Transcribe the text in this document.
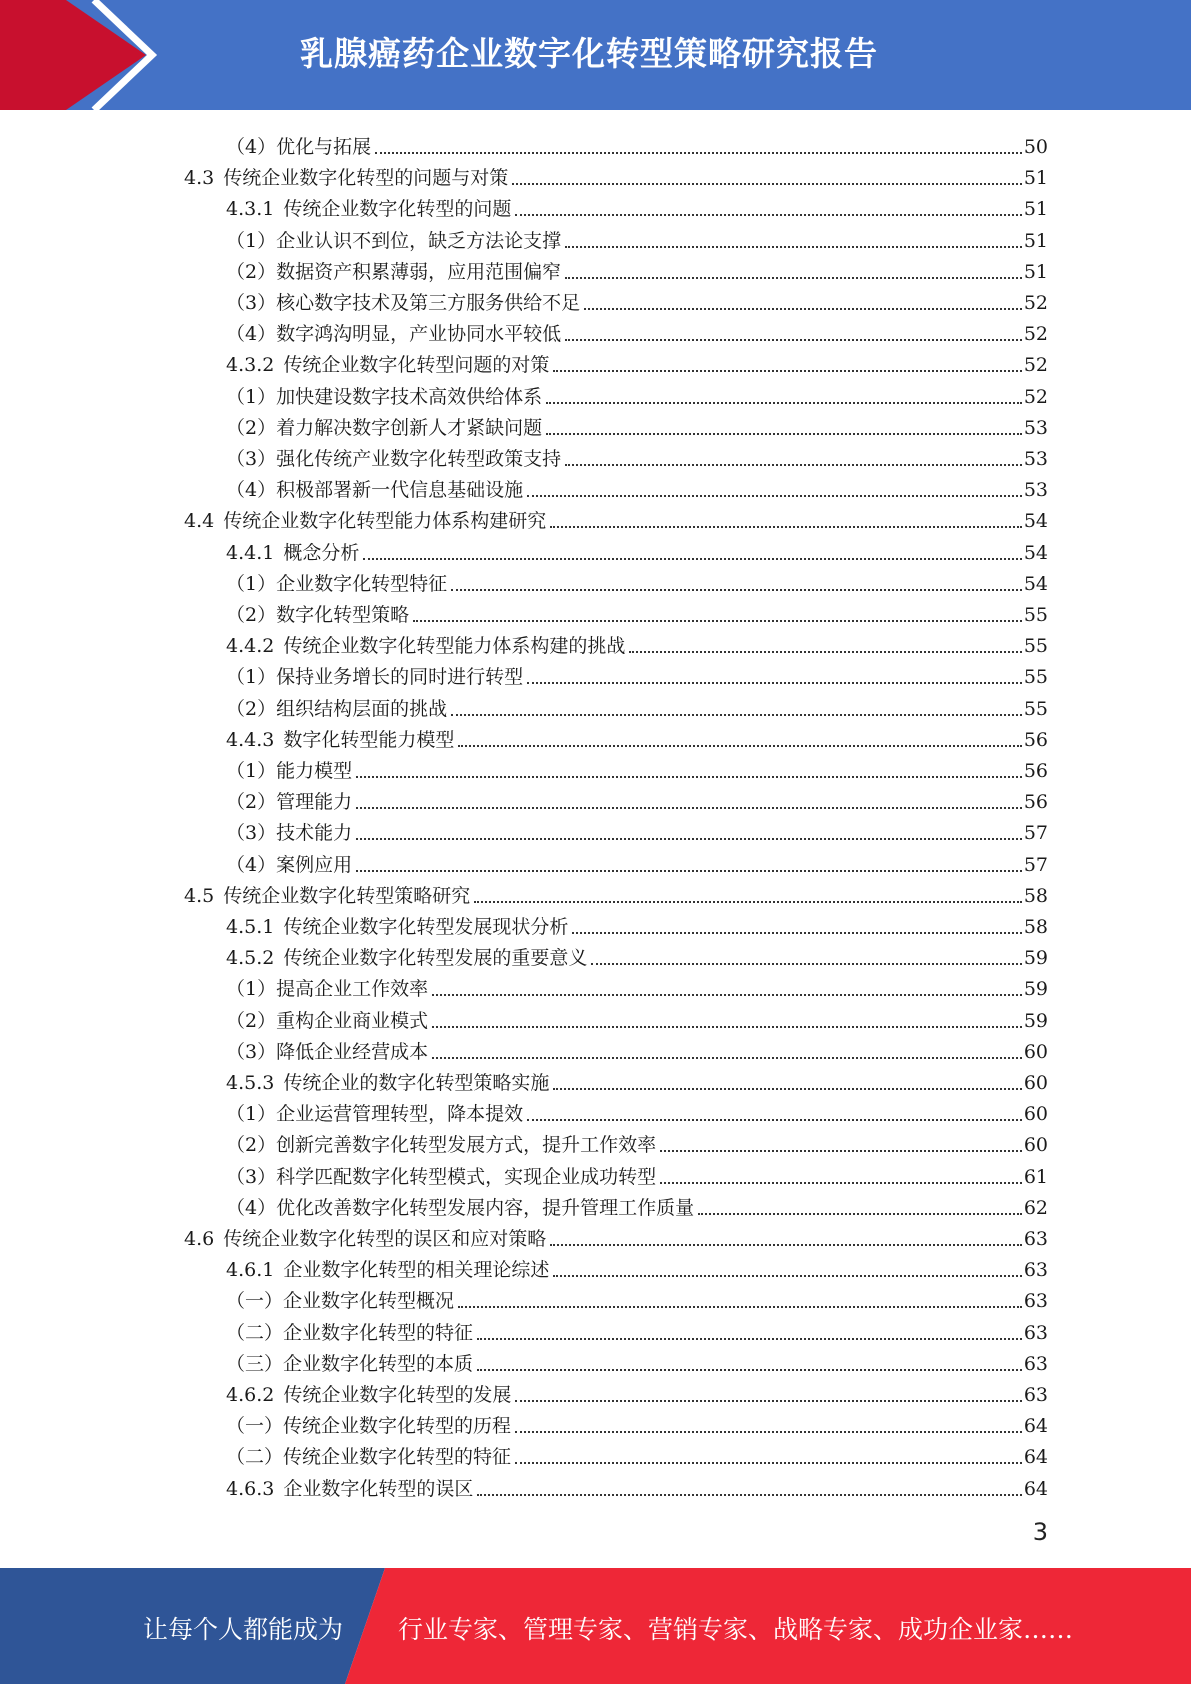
乳腺癌药企业数字化转型策略研究报告
（4） 优化与拓展	50
4.3 传统企业数字化转型的问题与对策	51
4.3.1 传统企业数字化转型的问题	51
（1） 企业认识不到位，缺乏方法论支撑	51
（2） 数据资产积累薄弱，应用范围偏窄	51
（3） 核心数字技术及第三方服务供给不足	52
（4） 数字鸿沟明显，产业协同水平较低	52
4.3.2 传统企业数字化转型问题的对策	52
（1） 加快建设数字技术高效供给体系	52
（2） 着力解决数字创新人才紧缺问题	53
（3） 强化传统产业数字化转型政策支持	53
（4） 积极部署新一代信息基础设施	53
4.4 传统企业数字化转型能力体系构建研究	54
4.4.1 概念分析	54
（1） 企业数字化转型特征	54
（2） 数字化转型策略	55
4.4.2 传统企业数字化转型能力体系构建的挑战	55
（1） 保持业务增长的同时进行转型	55
（2） 组织结构层面的挑战	55
4.4.3 数字化转型能力模型	56
（1） 能力模型	56
（2） 管理能力	56
（3） 技术能力	57
（4） 案例应用	57
4.5 传统企业数字化转型策略研究	58
4.5.1 传统企业数字化转型发展现状分析	58
4.5.2 传统企业数字化转型发展的重要意义	59
（1） 提高企业工作效率	59
（2） 重构企业商业模式	59
（3） 降低企业经营成本	60
4.5.3 传统企业的数字化转型策略实施	60
（1） 企业运营管理转型，降本提效	60
（2） 创新完善数字化转型发展方式，提升工作效率	60
（3） 科学匹配数字化转型模式，实现企业成功转型	61
（4） 优化改善数字化转型发展内容，提升管理工作质量	62
4.6 传统企业数字化转型的误区和应对策略	63
4.6.1 企业数字化转型的相关理论综述	63
（一） 企业数字化转型概况	63
（二） 企业数字化转型的特征	63
（三） 企业数字化转型的本质	63
4.6.2 传统企业数字化转型的发展	63
（一） 传统企业数字化转型的历程	64
（二） 传统企业数字化转型的特征	64
4.6.3 企业数字化转型的误区	64
3
让每个人都能成为 行业专家、管理专家、营销专家、战略专家、成功企业家……
